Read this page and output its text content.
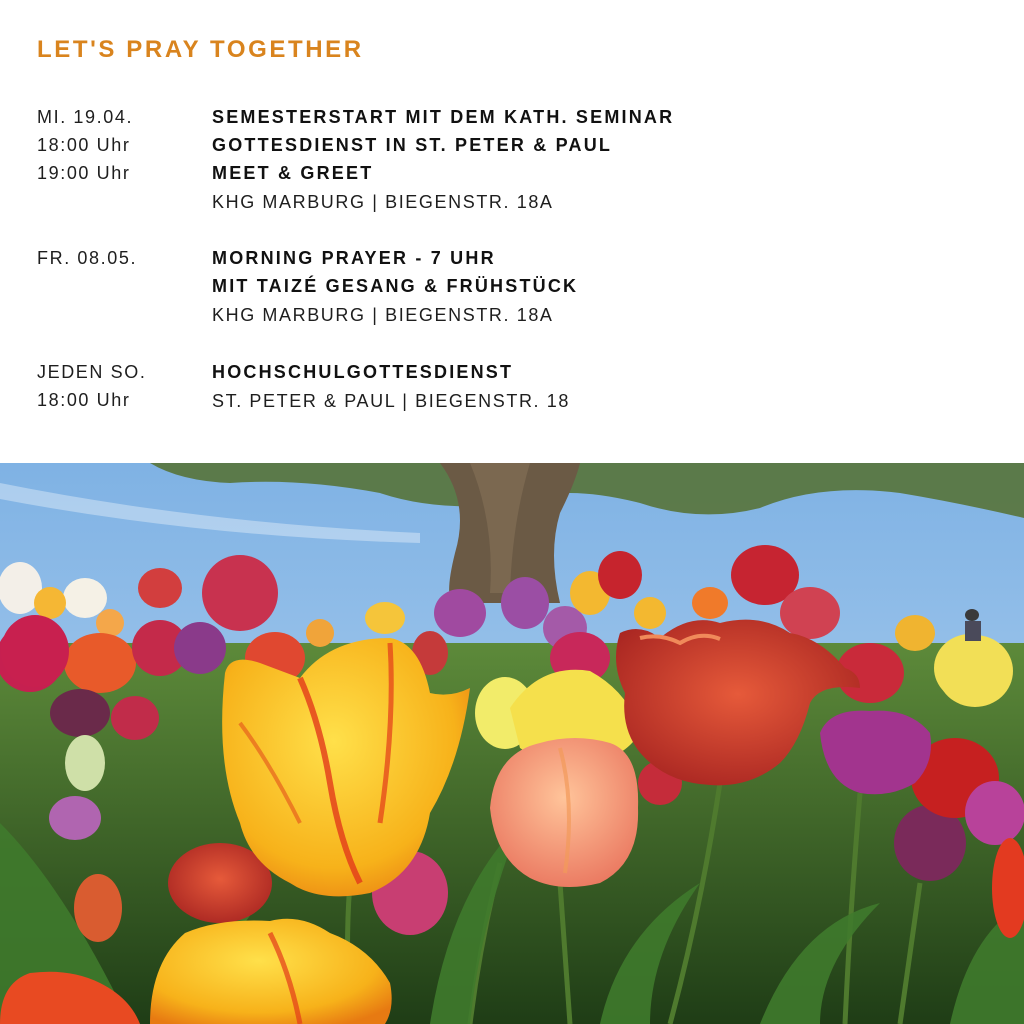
LET'S PRAY TOGETHER
MI. 19.04.
18:00 Uhr
19:00 Uhr
SEMESTERSTART MIT DEM KATH. SEMINAR
GOTTESDIENST IN ST. PETER & PAUL
MEET & GREET
KHG MARBURG | BIEGENSTR. 18A
FR. 08.05.	MORNING PRAYER - 7 UHR
MIT TAIZÉ GESANG & FRÜHSTÜCK
KHG MARBURG | BIEGENSTR. 18A
JEDEN SO.
18:00 Uhr
HOCHSCHULGOTTESDIENST
ST. PETER & PAUL | BIEGENSTR. 18
